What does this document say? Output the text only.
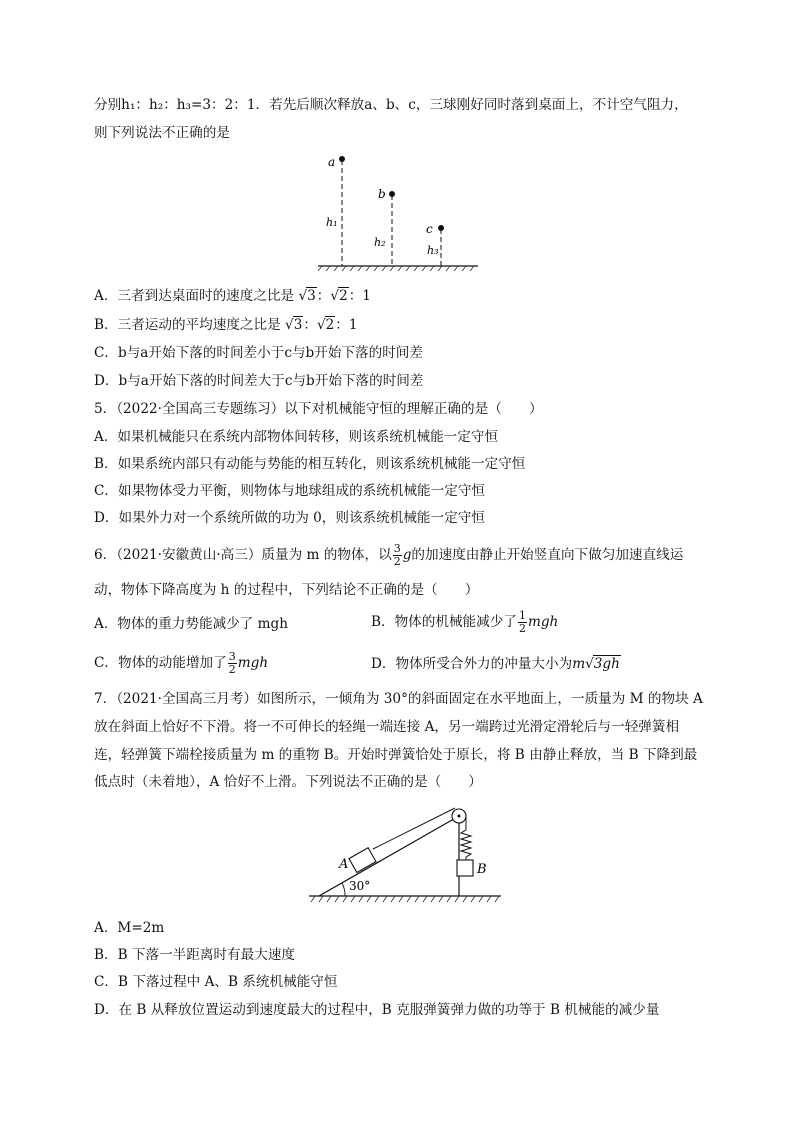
分别h₁：h₂：h₃=3：2：1．若先后顺次释放a、b、c，三球刚好同时落到桌面上，不计空气阻力，
则下列说法不正确的是
a
b
c
h₁
h₂
h₃
A．三者到达桌面时的速度之比是 √3：√2：1
B．三者运动的平均速度之比是 √3：√2：1
C．b与a开始下落的时间差小于c与b开始下落的时间差
D．b与a开始下落的时间差大于c与b开始下落的时间差
5．（2022·全国高三专题练习）以下对机械能守恒的理解正确的是（　　）
A．如果机械能只在系统内部物体间转移，则该系统机械能一定守恒
B．如果系统内部只有动能与势能的相互转化，则该系统机械能一定守恒
C．如果物体受力平衡，则物体与地球组成的系统机械能一定守恒
D．如果外力对一个系统所做的功为 0，则该系统机械能一定守恒
6．（2021·安徽黄山·高三）质量为 m 的物体，以 $\frac{3}{2}$ g的加速度由静止开始竖直向下做匀加速直线运
动，物体下降高度为 h 的过程中，下列结论不正确的是（　　）
A．物体的重力势能减少了 mgh	B．物体的机械能减少了 $\frac{1}{2}$ mgh
C．物体的动能增加了 $\frac{3}{2}$ mgh	D．物体所受合外力的冲量大小为m√3gh
7．（2021·全国高三月考）如图所示，一倾角为 30°的斜面固定在水平地面上，一质量为 M 的物块 A
放在斜面上恰好不下滑。将一不可伸长的轻绳一端连接 A，另一端跨过光滑定滑轮后与一轻弹簧相
连，轻弹簧下端栓接质量为 m 的重物 B。开始时弹簧恰处于原长，将 B 由静止释放，当 B 下降到最
低点时（未着地），A 恰好不上滑。下列说法不正确的是（　　）
30°
A	B
A．M=2m
B．B 下落一半距离时有最大速度
C．B 下落过程中 A、B 系统机械能守恒
D．在 B 从释放位置运动到速度最大的过程中，B 克服弹簧弹力做的功等于 B 机械能的减少量
